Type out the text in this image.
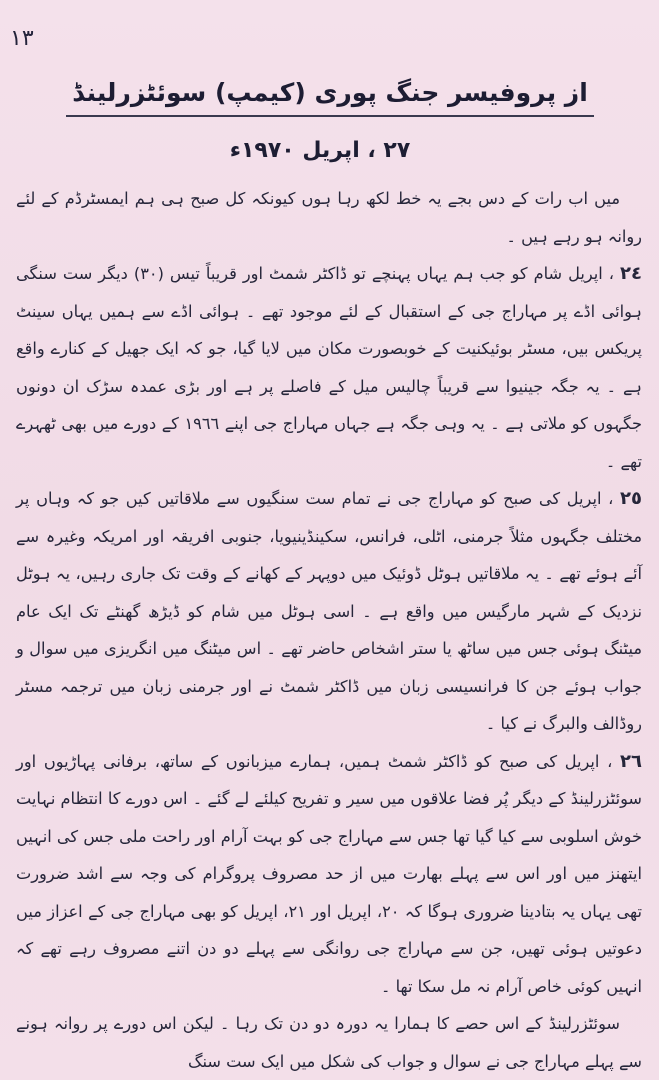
١٣
از پروفیسر جنگ پوری (کیمپ) سوئٹزرلینڈ
٢٧ ، اپریل ١٩٧٠ء

میں اب رات کے دس بجے یہ خط لکھ رہا ہوں کیونکہ کل صبح ہی ہم ایمسٹرڈم کے لئے روانہ ہو رہے ہیں ۔

٢٤ ، اپریل شام کو جب ہم یہاں پہنچے تو ڈاکٹر شمٹ اور قریباً تیس (٣٠) دیگر ست سنگی ہوائی اڈے پر مہاراج جی کے استقبال کے لئے موجود تھے ۔ ہوائی اڈے سے ہمیں یہاں سینٹ پریکس بیں، مسٹر بوئیکنیت کے خوبصورت مکان میں لایا گیا، جو کہ ایک جھیل کے کنارے واقع ہے ۔ یہ جگہ جینیوا سے قریباً چالیس میل کے فاصلے پر ہے اور بڑی عمدہ سڑک ان دونوں جگہوں کو ملاتی ہے ۔ یہ وہی جگہ ہے جہاں مہاراج جی اپنے ١٩٦٦ کے دورے میں بھی ٹھہرے تھے ۔

٢٥ ، اپریل کی صبح کو مہاراج جی نے تمام ست سنگیوں سے ملاقاتیں کیں جو کہ وہاں پر مختلف جگہوں مثلاً جرمنی، اٹلی، فرانس، سکینڈینیویا، جنوبی افریقہ اور امریکہ وغیرہ سے آئے ہوئے تھے ۔ یہ ملاقاتیں ہوٹل ڈوئیک میں دوپہر کے کھانے کے وقت تک جاری رہیں، یہ ہوٹل نزدیک کے شہر مارگیس میں واقع ہے ۔ اسی ہوٹل میں شام کو ڈیڑھ گھنٹے تک ایک عام میٹنگ ہوئی جس میں ساٹھ یا ستر اشخاص حاضر تھے ۔ اس میٹنگ میں انگریزی میں سوال و جواب ہوئے جن کا فرانسیسی زبان میں ڈاکٹر شمٹ نے اور جرمنی زبان میں ترجمہ مسٹر روڈالف والبرگ نے کیا ۔

٢٦ ، اپریل کی صبح کو ڈاکٹر شمٹ ہمیں، ہمارے میزبانوں کے ساتھ، برفانی پہاڑیوں اور سوئٹزرلینڈ کے دیگر پُر فضا علاقوں میں سیر و تفریح کیلئے لے گئے ۔ اس دورے کا انتظام نہایت خوش اسلوبی سے کیا گیا تھا جس سے مہاراج جی کو بہت آرام اور راحت ملی جس کی انہیں ایتھنز میں اور اس سے پہلے بھارت میں از حد مصروف پروگرام کی وجہ سے اشد ضرورت تھی یہاں یہ بتادینا ضروری ہوگا کہ ٢٠، اپریل اور ٢١، اپریل کو بھی مہاراج جی کے اعزاز میں دعوتیں ہوئی تھیں، جن سے مہاراج جی روانگی سے پہلے دو دن اتنے مصروف رہے تھے کہ انہیں کوئی خاص آرام نہ مل سکا تھا ۔

سوئٹزرلینڈ کے اس حصے کا ہمارا یہ دورہ دو دن تک رہا ۔ لیکن اس دورے پر روانہ ہونے سے پہلے مہاراج جی نے سوال و جواب کی شکل میں ایک ست سنگ
